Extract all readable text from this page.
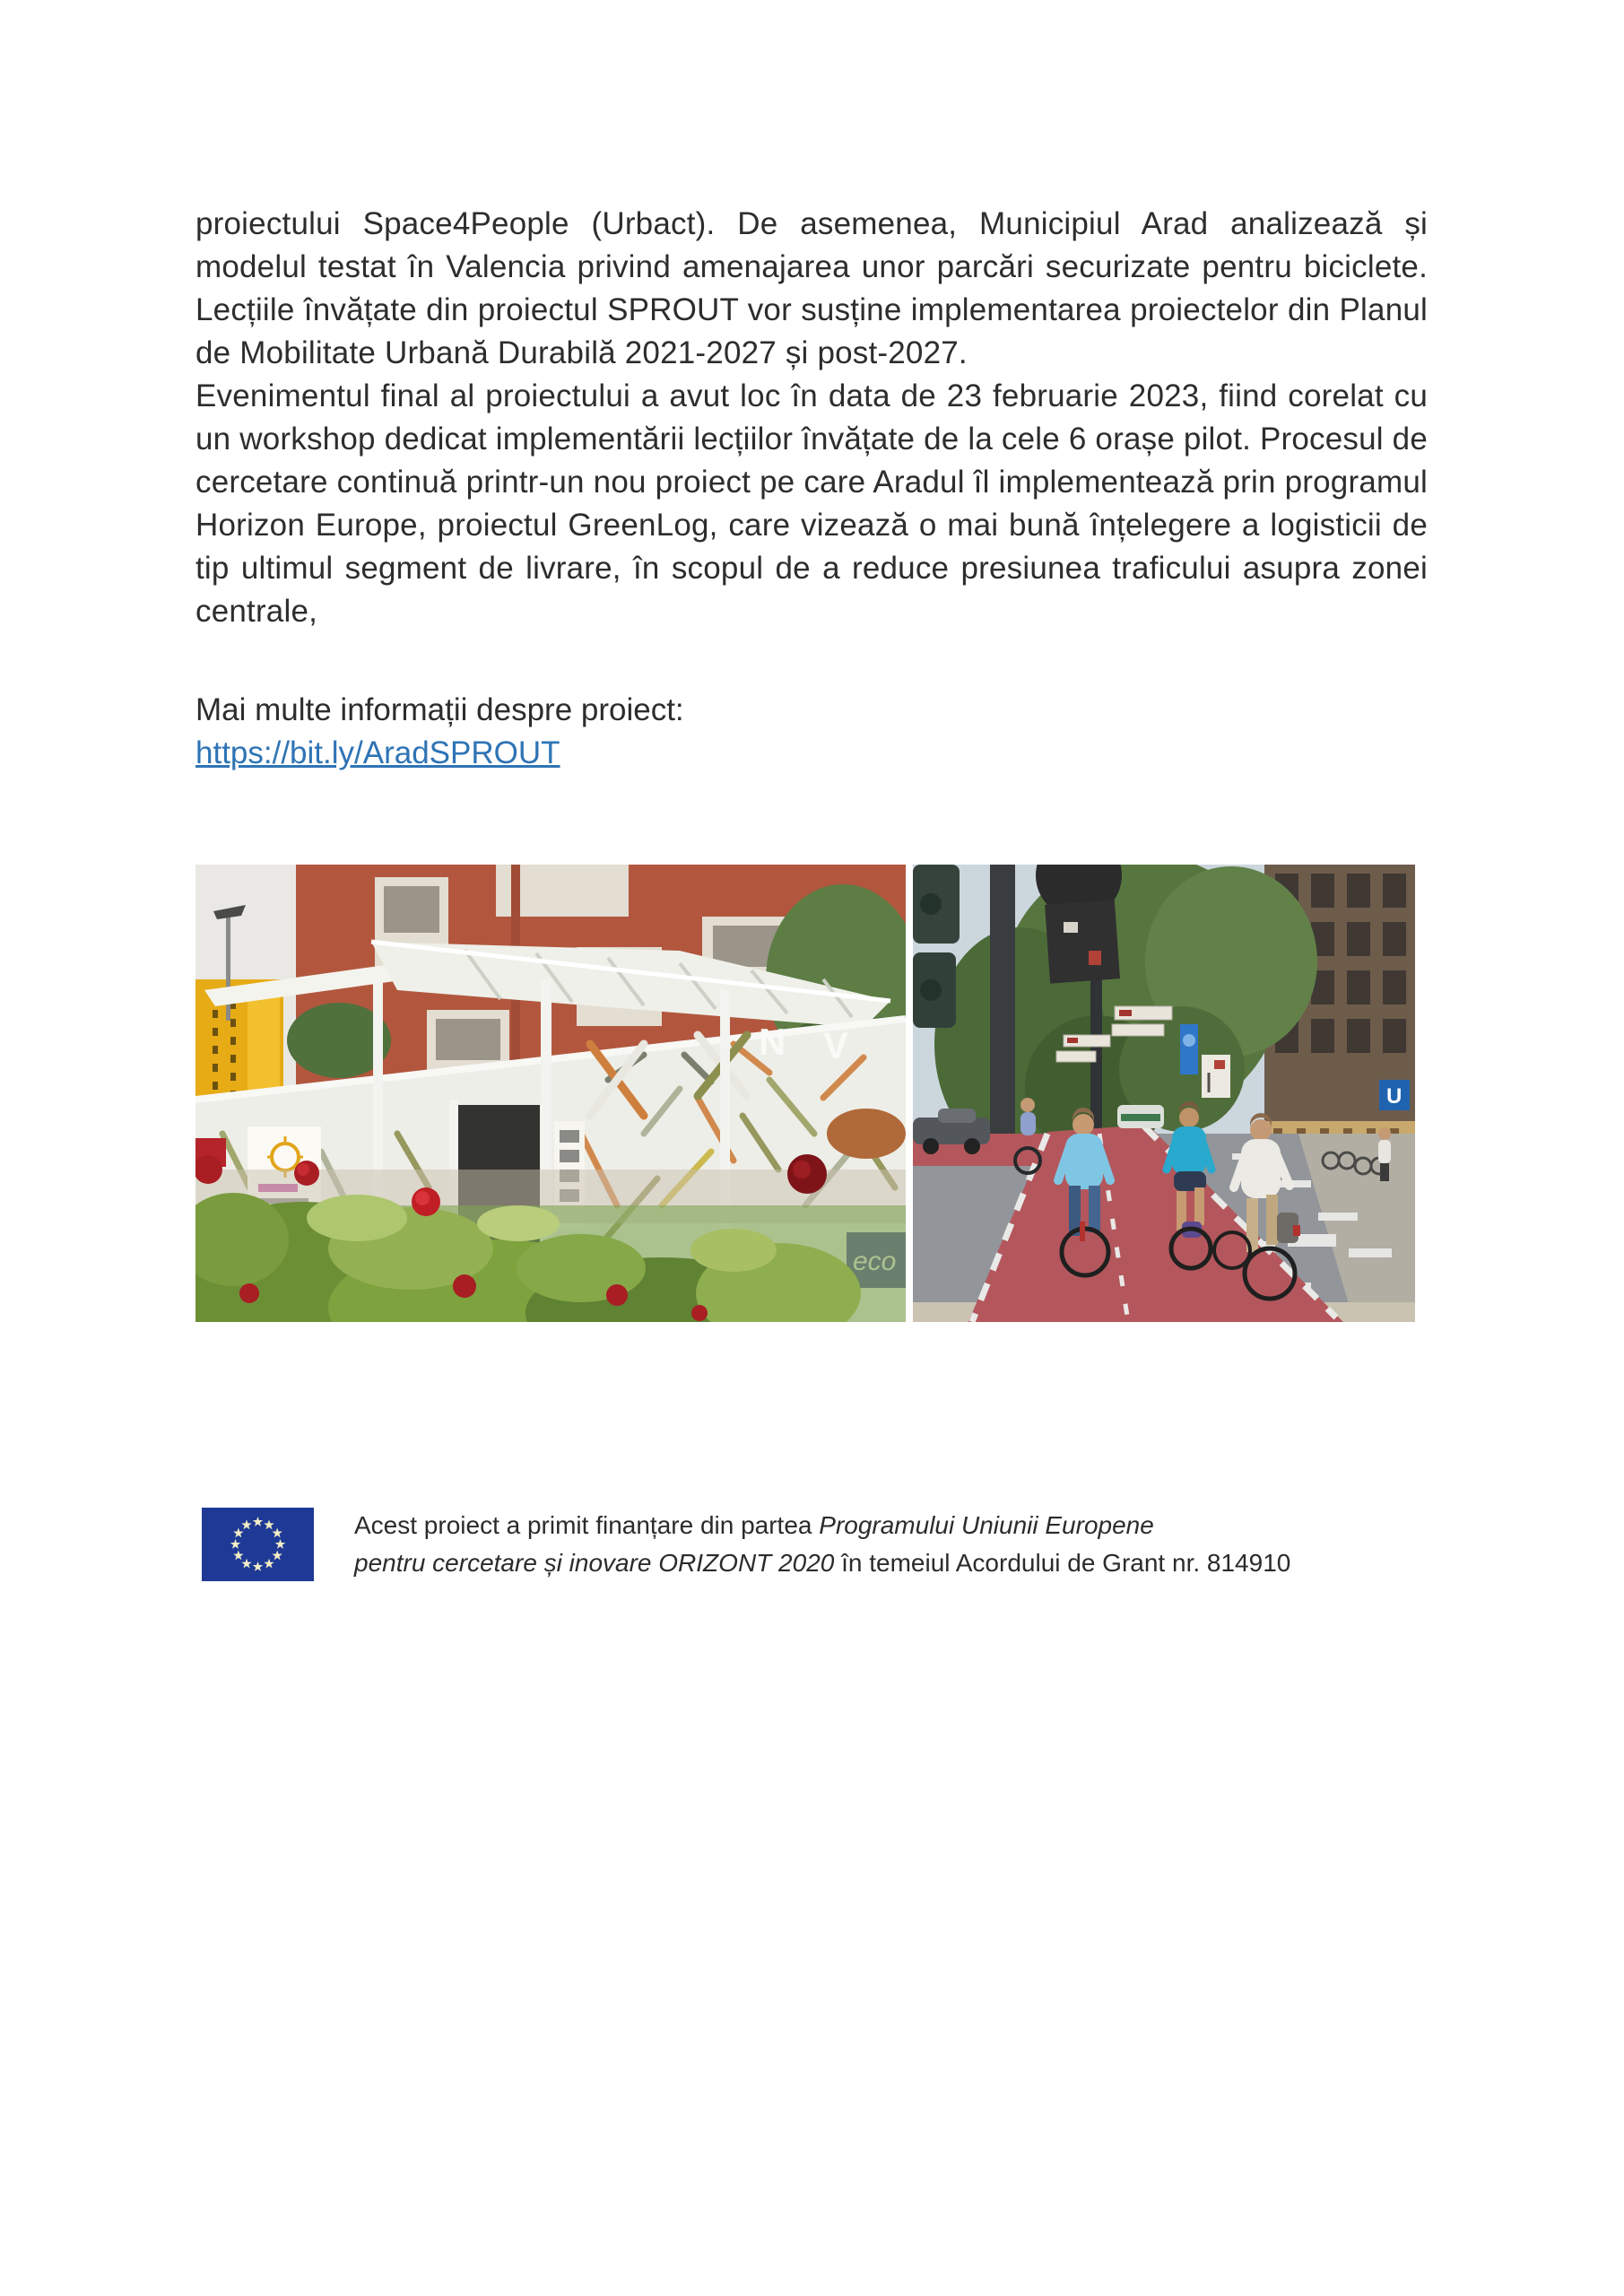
proiectului Space4People (Urbact). De asemenea, Municipiul Arad analizează și modelul testat în Valencia privind amenajarea unor parcări securizate pentru biciclete. Lecțiile învățate din proiectul SPROUT vor susține implementarea proiectelor din Planul de Mobilitate Urbană Durabilă 2021-2027 și post-2027.

Evenimentul final al proiectului a avut loc în data de 23 februarie 2023, fiind corelat cu un workshop dedicat implementării lecțiilor învățate de la cele 6 orașe pilot. Procesul de cercetare continuă printr-un nou proiect pe care Aradul îl implementează prin programul Horizon Europe, proiectul GreenLog, care vizează o mai bună înțelegere a logisticii de tip ultimul segment de livrare, în scopul de a reduce presiunea traficului asupra zonei centrale,

Mai multe informații despre proiect:
https://bit.ly/AradSPROUT
N V
U
Acest proiect a primit finanțare din partea Programului Uniunii Europene
pentru cercetare și inovare ORIZONT 2020 în temeiul Acordului de Grant nr. 814910
